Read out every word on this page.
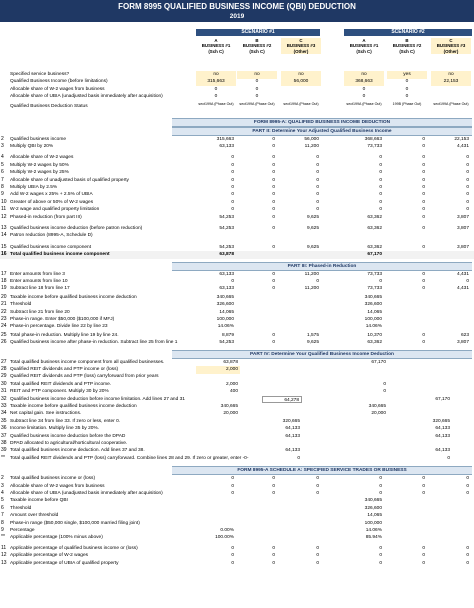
FORM 8995 QUALIFIED BUSINESS INCOME (QBI) DEDUCTION
2019
SCENARIO #1	SCENARIO #2
A
BUSINESS #1
(Sch C)
B
BUSINESS #2
(Sch C)
C
BUSINESS #3
(Other)
A
BUSINESS #1
(Sch C)
B
BUSINESS #2
(Sch C)
C
BUSINESS #3
(Other)
Specified service business?	no	no	no	no	yes	no
Qualified Business Income (before limitations)	315,663	0	56,000	368,663	0	22,153
Allocable share of W-2 wages from business	0	0	0	0
Allocable share of UBIA (unadjusted basis immediately after acquisition)	0	0	0	0
Qualified Business Deduction Status	sect199A (Phase Out)	sect199A (Phase Out)	sect199A (Phase Out)	sect199A (Phase Out)	199B (Phase Out)	sect199A (Phase Out)
FORM 8995-A: QUALIFIED BUSINESS INCOME DEDUCTION
PART II: Determine Your Adjusted Qualified Business Income
2	Qualified business income	315,663	0	56,000	368,663	0	22,153
3	Multiply QBI by 20%	63,133	0	11,200	73,733	0	4,431
4	Allocable share of W-2 wages	0	0	0	0	0	0
5	Multiply W-2 wages by 50%	0	0	0	0	0	0
6	Multiply W-2 wages by 25%	0	0	0	0	0	0
7	Allocable share of unadjusted basis of qualified property	0	0	0	0	0	0
8	Multiply UBIA by 2.5%	0	0	0	0	0	0
9	Add W-2 wages x 25% + 2.5% of UBIA	0	0	0	0	0	0
10 Greater of above or 50% of W-2 wages	0	0	0	0	0	0
11 W-2 wage and qualified property limitation	0	0	0	0	0	0
12 Phased-in reduction (from part III)	54,253	0	9,625	63,362	0	3,807
13 Qualified business income deduction (before patron reduction)	54,253	0	9,625	63,362	0	3,807
14 Patron reduction (8995-A, Schedule D)
15 Qualified business income component	54,253	0	9,625	63,362	0	3,807
16 Total qualified business income component	63,878	67,170
PART III: Phased-in Reduction
17 Enter amounts from line 3	63,133	0	11,200	73,733	0	4,431
18 Enter amounts from line 10	0	0	0	0	0	0
19 Subtract line 18 from line 17	63,133	0	11,200	73,733	0	4,431
20 Taxable income before qualified business income deduction	340,665	340,665
21 Threshold	326,600	326,600
22 Subtract line 21 from line 20	14,065	14,065
23 Phase-in range. Enter $50,000 ($100,000 if MFJ)	100,000	100,000
24 Phase-in percentage. Divide line 22 by line 23	14.06%	14.06%
25 Total phase-in reduction. Multiply line 19 by line 24.	8,879	0	1,575	10,370	0	623
26 Qualified business income after phase-in reduction. Subtract line 25 from line 1	54,253	0	9,625	63,362	0	3,807
PART IV: Determine Your Qualified Business Income Deduction
27 Total qualified business income component from all qualified businesses.	63,878	67,170
28 Qualified REIT dividends and PTP income or (loss)	2,000
29 Qualified REIT dividends and PTP (loss) carryforward from prior years
30 Total qualified REIT dividends and PTP income.	2,000	0
31 REIT and PTP component. Multiply 30 by 20%	400	0
32 Qualified business income deduction before income limitation. Add lines 27 and 31	64,278	67,170
33 Taxable income before qualified business income deduction	340,665	340,665
34 Net capital gain. See instructions.	20,000	20,000
35 Subtract line 34 from line 33. If zero or less, enter 0.	320,665	320,665
36 Income limitation. Multiply line 35 by 20%.	64,133	64,133
37 Qualified business income deduction before the DPAD	64,133	64,133
38 DPAD allocated to agricultural/horticultural cooperative.
39 Total qualified business income deduction. Add lines 37 and 38.	64,133	64,133
**	Total qualified REIT dividends and PTP (loss) carryforward. Combine lines 28 and 29. If zero or greater, enter -0-	0	0
FORM 8995-A SCHEDULE A: SPECIFIED SERVICE TRADES OR BUSINESS
2	Total qualified business income or (loss)	0	0	0	0	0	0
3	Allocable share of W-2 wages from business	0	0	0	0	0	0
4	Allocable share of UBIA (unadjusted basis immediately after acquisition)	0	0	0	0	0	0
5	Taxable income before QBI	340,665
6	Threshold	326,600
7	Amount over threshold	14,065
8	Phase-in range ($50,000 single, $100,000 married filing joint)	100,000
9	Percentage	0.00%	14.06%
**	Applicable percentage (100% minus above)	100.00%	85.94%
11 Applicable percentage of qualified business income or (loss)	0	0	0	0	0	0
12 Applicable percentage of W-2 wages	0	0	0	0	0	0
13 Applicable percentage of UBIA of qualified property	0	0	0	0	0	0
